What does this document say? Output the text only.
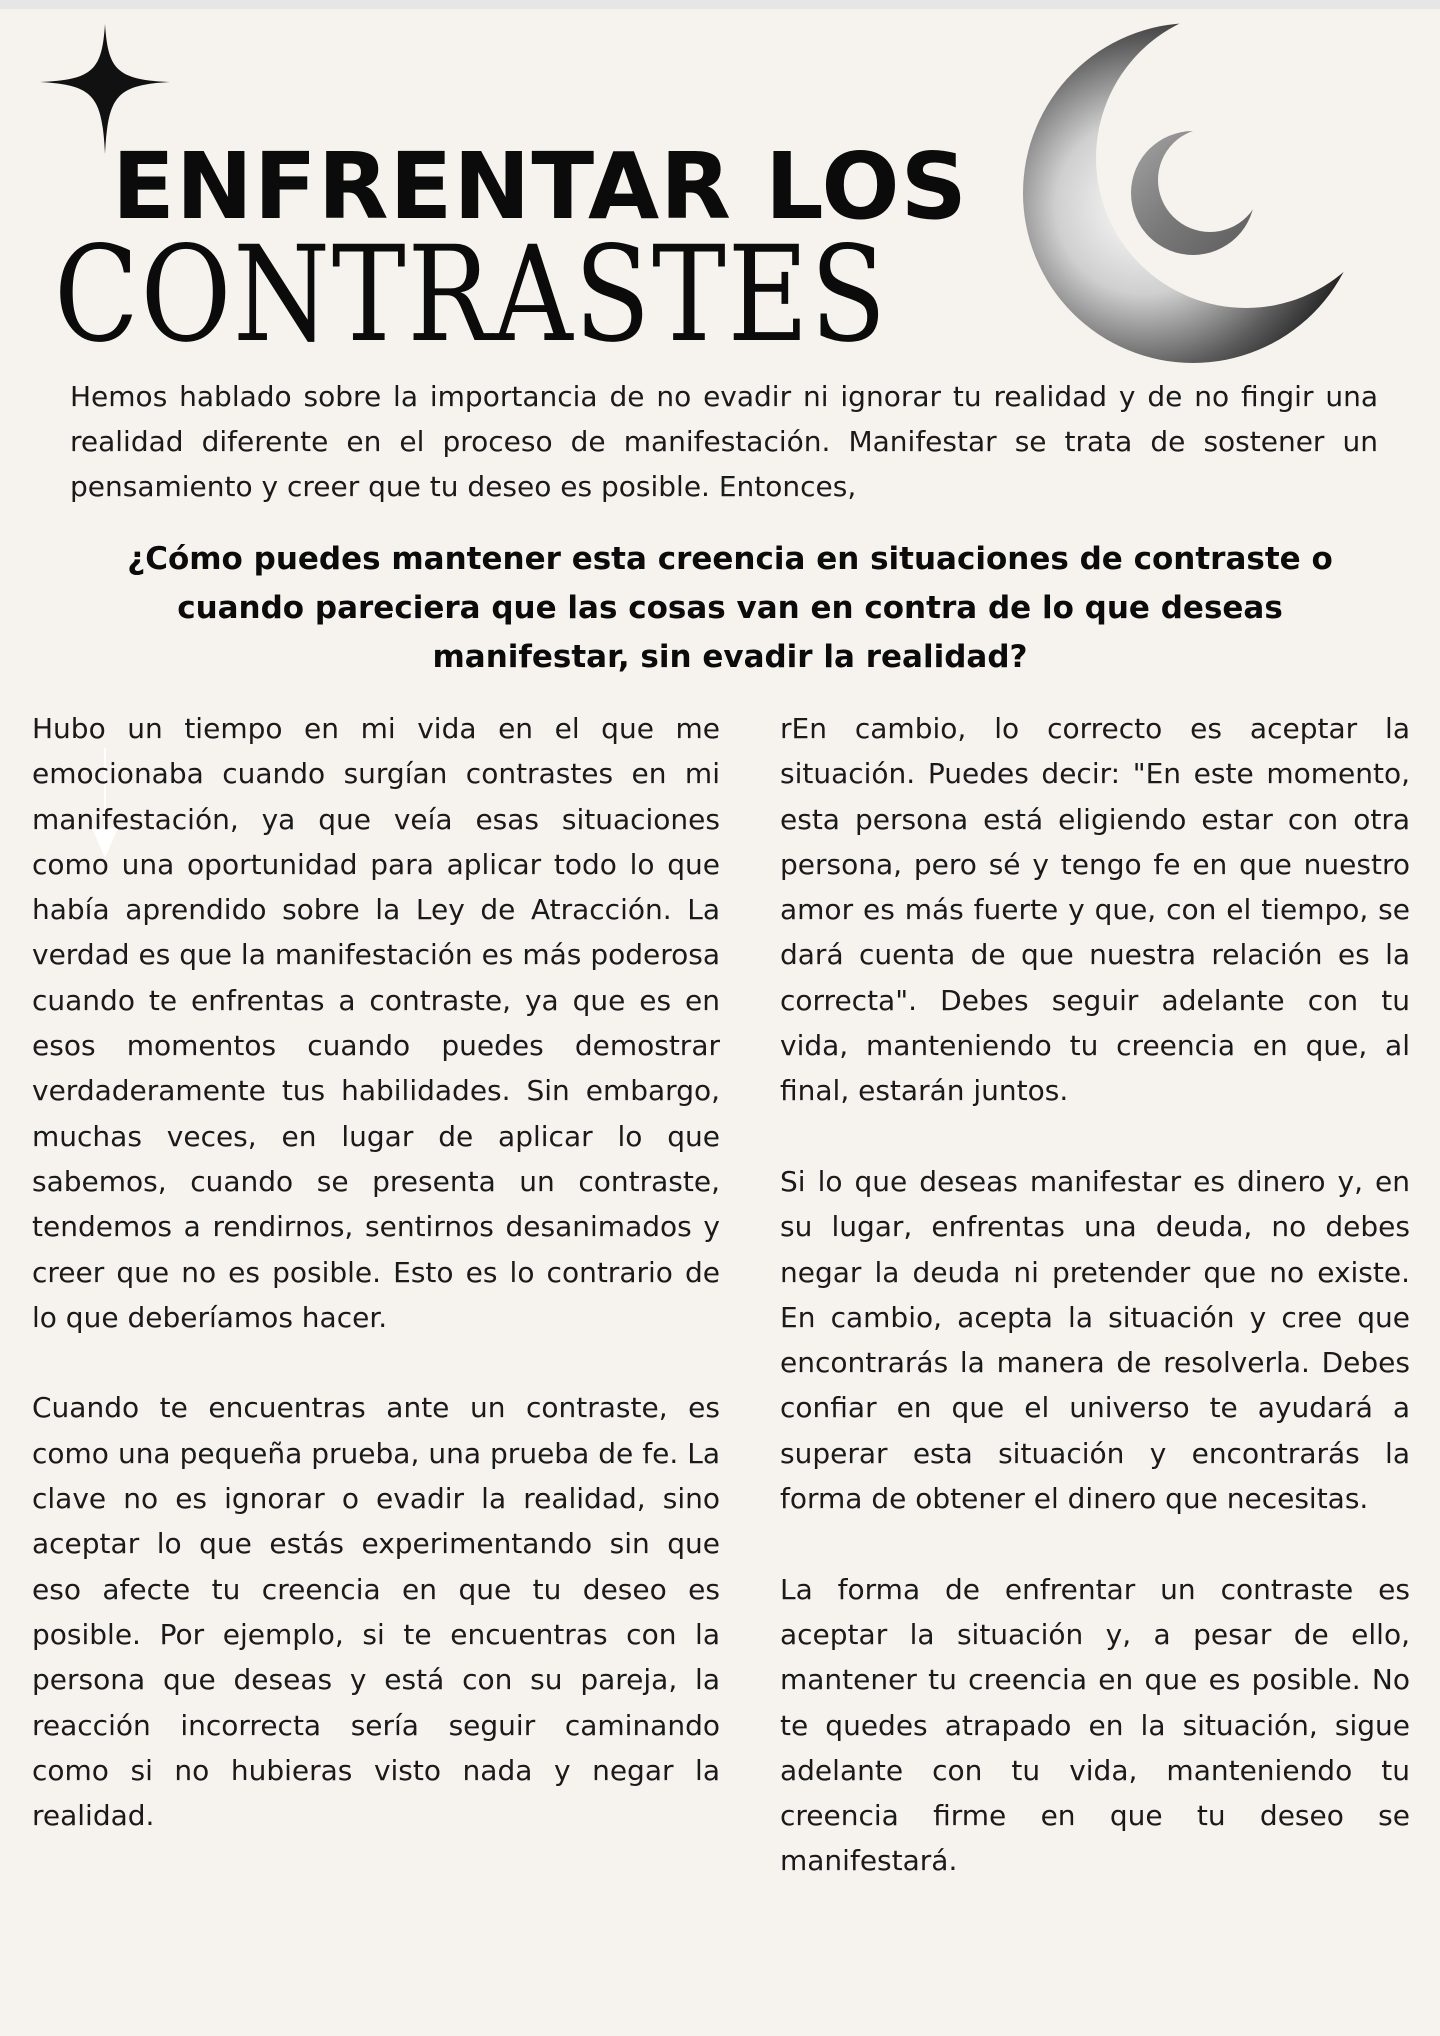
ENFRENTAR LOS
CONTRASTES

Hemos hablado sobre la importancia de no evadir ni ignorar tu realidad y de no fingir una realidad diferente en el proceso de manifestación. Manifestar se trata de sostener un pensamiento y creer que tu deseo es posible. Entonces,

¿Cómo puedes mantener esta creencia en situaciones de contraste o cuando pareciera que las cosas van en contra de lo que deseas manifestar, sin evadir la realidad?

Hubo un tiempo en mi vida en el que me emocionaba cuando surgían contrastes en mi manifestación, ya que veía esas situaciones como una oportunidad para aplicar todo lo que había aprendido sobre la Ley de Atracción. La verdad es que la manifestación es más poderosa cuando te enfrentas a contraste, ya que es en esos momentos cuando puedes demostrar verdaderamente tus habilidades. Sin embargo, muchas veces, en lugar de aplicar lo que sabemos, cuando se presenta un contraste, tendemos a rendirnos, sentirnos desanimados y creer que no es posible. Esto es lo contrario de lo que deberíamos hacer.

Cuando te encuentras ante un contraste, es como una pequeña prueba, una prueba de fe. La clave no es ignorar o evadir la realidad, sino aceptar lo que estás experimentando sin que eso afecte tu creencia en que tu deseo es posible. Por ejemplo, si te encuentras con la persona que deseas y está con su pareja, la reacción incorrecta sería seguir caminando como si no hubieras visto nada y negar la realidad.

rEn cambio, lo correcto es aceptar la situación. Puedes decir: "En este momento, esta persona está eligiendo estar con otra persona, pero sé y tengo fe en que nuestro amor es más fuerte y que, con el tiempo, se dará cuenta de que nuestra relación es la correcta". Debes seguir adelante con tu vida, manteniendo tu creencia en que, al final, estarán juntos.

Si lo que deseas manifestar es dinero y, en su lugar, enfrentas una deuda, no debes negar la deuda ni pretender que no existe. En cambio, acepta la situación y cree que encontrarás la manera de resolverla. Debes confiar en que el universo te ayudará a superar esta situación y encontrarás la forma de obtener el dinero que necesitas.

La forma de enfrentar un contraste es aceptar la situación y, a pesar de ello, mantener tu creencia en que es posible. No te quedes atrapado en la situación, sigue adelante con tu vida, manteniendo tu creencia firme en que tu deseo se manifestará.
